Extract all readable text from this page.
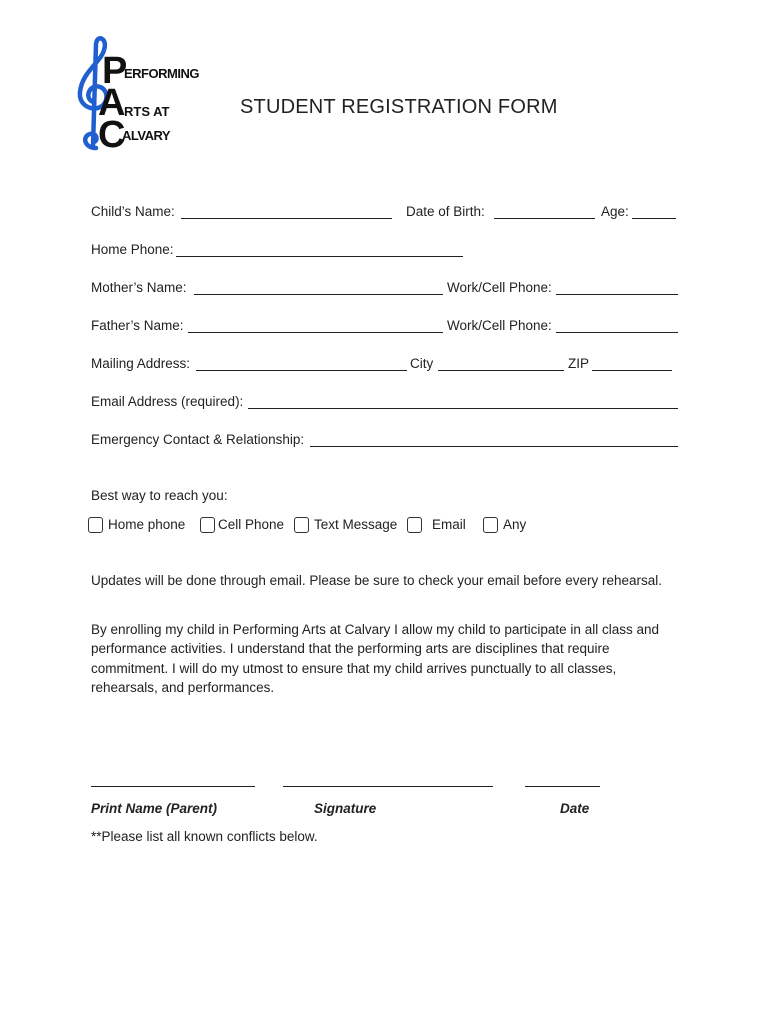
P
ERFORMING
A
RTS AT
C
ALVARY
STUDENT REGISTRATION FORM
Child’s Name:	Date of Birth:	Age:
Home Phone:
Mother’s Name:	Work/Cell Phone:
Father’s Name:	Work/Cell Phone:
Mailing Address:	City	ZIP
Email Address (required):
Emergency Contact & Relationship:
Best way to reach you:
Home phone Cell Phone Text Message	Email	Any
Updates will be done through email. Please be sure to check your email before every rehearsal.
By enrolling my child in Performing Arts at Calvary I allow my child to participate in all class and performance activities. I understand that the performing arts are disciplines that require commitment. I will do my utmost to ensure that my child arrives punctually to all classes, rehearsals, and performances.
Print Name (Parent)	Signature	Date
**Please list all known conflicts below.
